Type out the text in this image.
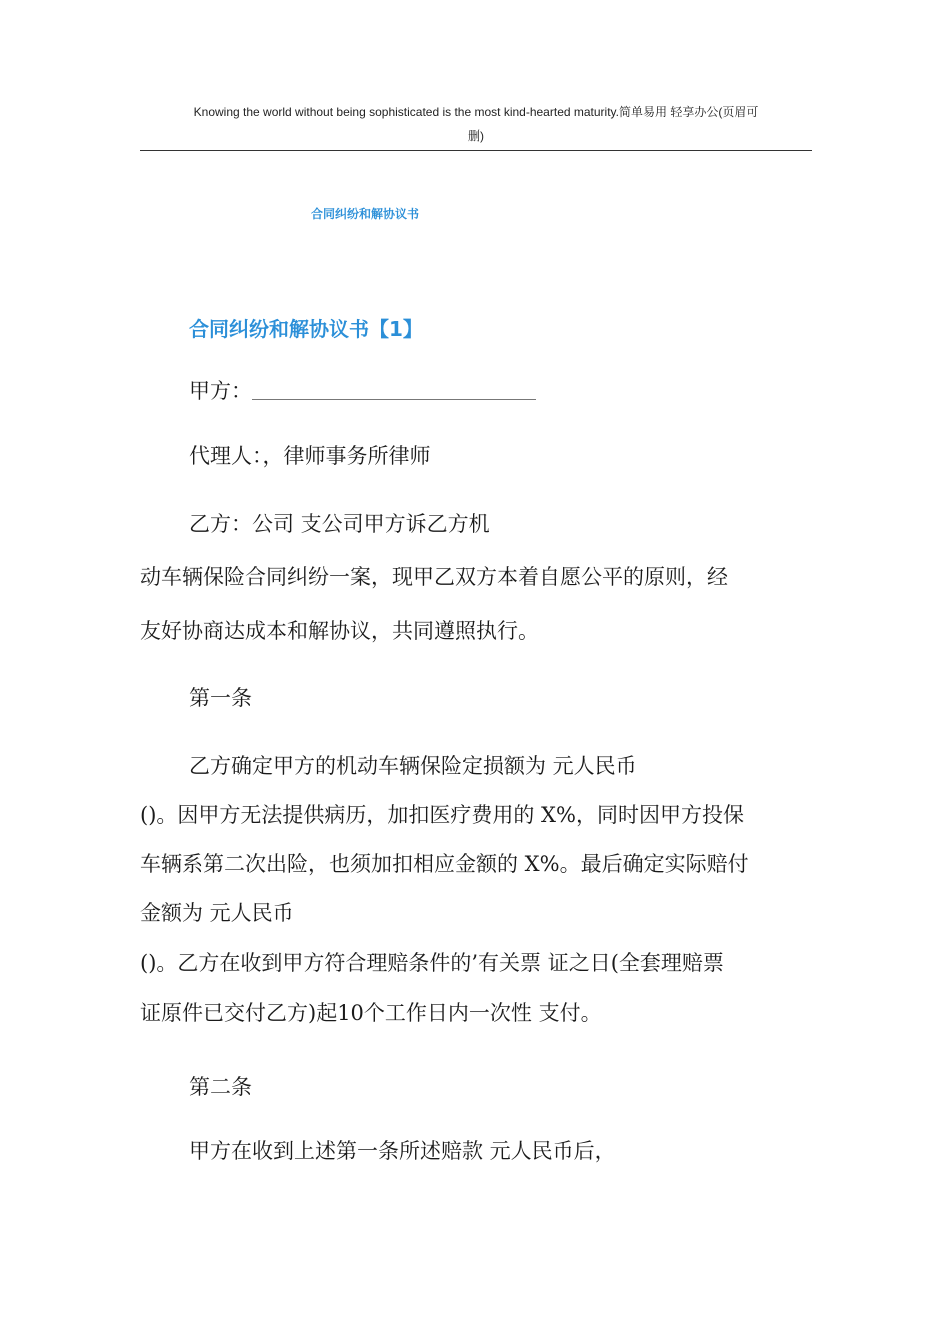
Knowing the world without being sophisticated is the most kind-hearted maturity.简单易用 轻享办公(页眉可
删)
合同纠纷和解协议书
合同纠纷和解协议书【1】
甲方：
代理人：，律师事务所律师
乙方：公司 支公司甲方诉乙方机
动车辆保险合同纠纷一案，现甲乙双方本着自愿公平的原则，经
友好协商达成本和解协议，共同遵照执行。
第一条
乙方确定甲方的机动车辆保险定损额为 元人民币
()。因甲方无法提供病历，加扣医疗费用的 X%，同时因甲方投保
车辆系第二次出险，也须加扣相应金额的 X%。最后确定实际赔付
金额为 元人民币
()。乙方在收到甲方符合理赔条件的’有关票 证之日(全套理赔票
证原件已交付乙方)起10个工作日内一次性 支付。
第二条
甲方在收到上述第一条所述赔款 元人民币后，
